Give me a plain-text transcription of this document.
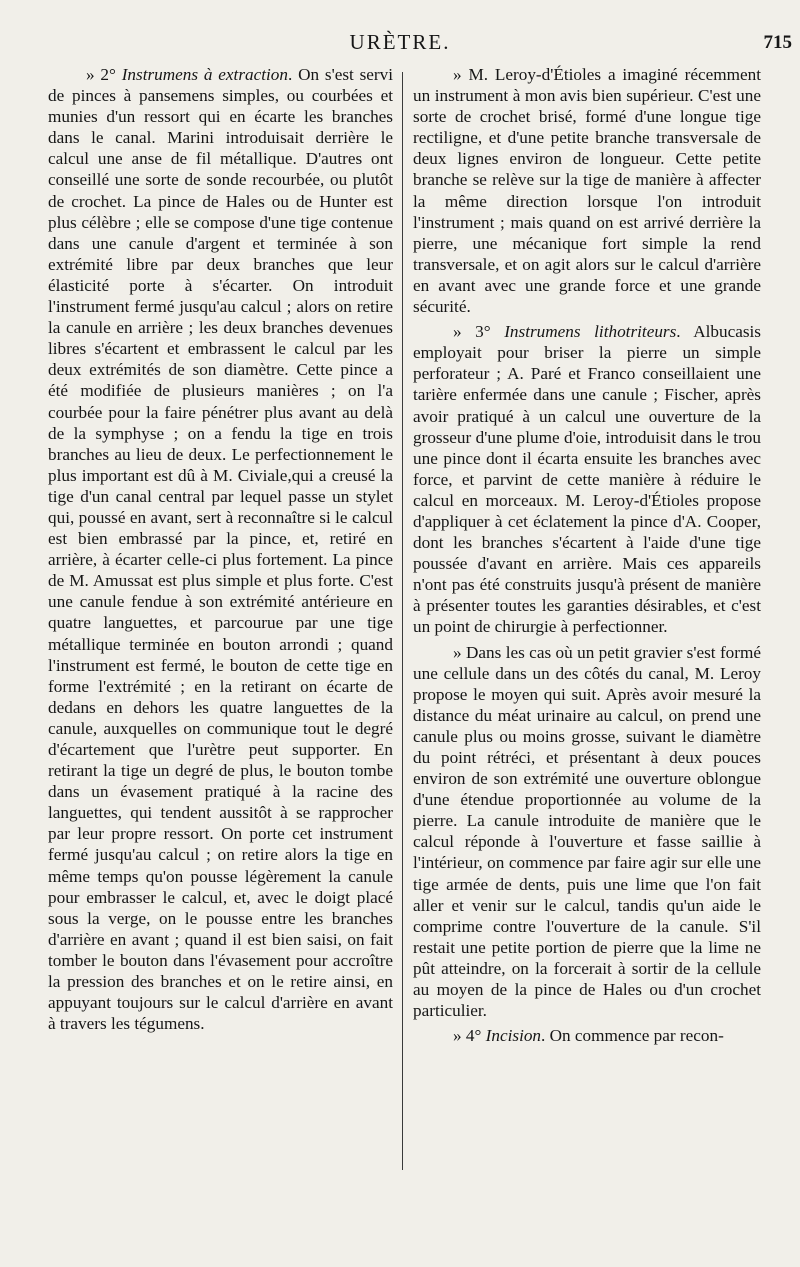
URÈTRE.	715

» 2° Instrumens à extraction. On s'est servi de pinces à pansemens simples, ou courbées et munies d'un ressort qui en écarte les branches dans le canal. Marini introduisait derrière le calcul une anse de fil métallique. D'autres ont conseillé une sorte de sonde recourbée, ou plutôt de crochet. La pince de Hales ou de Hunter est plus célèbre ; elle se compose d'une tige contenue dans une canule d'argent et terminée à son extrémité libre par deux branches que leur élasticité porte à s'écarter. On introduit l'instrument fermé jusqu'au calcul ; alors on retire la canule en arrière ; les deux branches devenues libres s'écartent et embrassent le calcul par les deux extrémités de son diamètre. Cette pince a été modifiée de plusieurs manières ; on l'a courbée pour la faire pénétrer plus avant au delà de la symphyse ; on a fendu la tige en trois branches au lieu de deux. Le perfectionnement le plus important est dû à M. Civiale,qui a creusé la tige d'un canal central par lequel passe un stylet qui, poussé en avant, sert à reconnaître si le calcul est bien embrassé par la pince, et, retiré en arrière, à écarter celle-ci plus fortement. La pince de M. Amussat est plus simple et plus forte. C'est une canule fendue à son extrémité antérieure en quatre languettes, et parcourue par une tige métallique terminée en bouton arrondi ; quand l'instrument est fermé, le bouton de cette tige en forme l'extrémité ; en la retirant on écarte de dedans en dehors les quatre languettes de la canule, auxquelles on communique tout le degré d'écartement que l'urètre peut supporter. En retirant la tige un degré de plus, le bouton tombe dans un évasement pratiqué à la racine des languettes, qui tendent aussitôt à se rapprocher par leur propre ressort. On porte cet instrument fermé jusqu'au calcul ; on retire alors la tige en même temps qu'on pousse légèrement la canule pour embrasser le calcul, et, avec le doigt placé sous la verge, on le pousse entre les branches d'arrière en avant ; quand il est bien saisi, on fait tomber le bouton dans l'évasement pour accroître la pression des branches et on le retire ainsi, en appuyant toujours sur le calcul d'arrière en avant à travers les tégumens.

» M. Leroy-d'Étioles a imaginé récemment un instrument à mon avis bien supérieur. C'est une sorte de crochet brisé, formé d'une longue tige rectiligne, et d'une petite branche transversale de deux lignes environ de longueur. Cette petite branche se relève sur la tige de manière à affecter la même direction lorsque l'on introduit l'instrument ; mais quand on est arrivé derrière la pierre, une mécanique fort simple la rend transversale, et on agit alors sur le calcul d'arrière en avant avec une grande force et une grande sécurité.

» 3° Instrumens lithotriteurs. Albucasis employait pour briser la pierre un simple perforateur ; A. Paré et Franco conseillaient une tarière enfermée dans une canule ; Fischer, après avoir pratiqué à un calcul une ouverture de la grosseur d'une plume d'oie, introduisit dans le trou une pince dont il écarta ensuite les branches avec force, et parvint de cette manière à réduire le calcul en morceaux. M. Leroy-d'Étioles propose d'appliquer à cet éclatement la pince d'A. Cooper, dont les branches s'écartent à l'aide d'une tige poussée d'avant en arrière. Mais ces appareils n'ont pas été construits jusqu'à présent de manière à présenter toutes les garanties désirables, et c'est un point de chirurgie à perfectionner.

» Dans les cas où un petit gravier s'est formé une cellule dans un des côtés du canal, M. Leroy propose le moyen qui suit. Après avoir mesuré la distance du méat urinaire au calcul, on prend une canule plus ou moins grosse, suivant le diamètre du point rétréci, et présentant à deux pouces environ de son extrémité une ouverture oblongue d'une étendue proportionnée au volume de la pierre. La canule introduite de manière que le calcul réponde à l'ouverture et fasse saillie à l'intérieur, on commence par faire agir sur elle une tige armée de dents, puis une lime que l'on fait aller et venir sur le calcul, tandis qu'un aide le comprime contre l'ouverture de la canule. S'il restait une petite portion de pierre que la lime ne pût atteindre, on la forcerait à sortir de la cellule au moyen de la pince de Hales ou d'un crochet particulier.

» 4° Incision. On commence par recon-
